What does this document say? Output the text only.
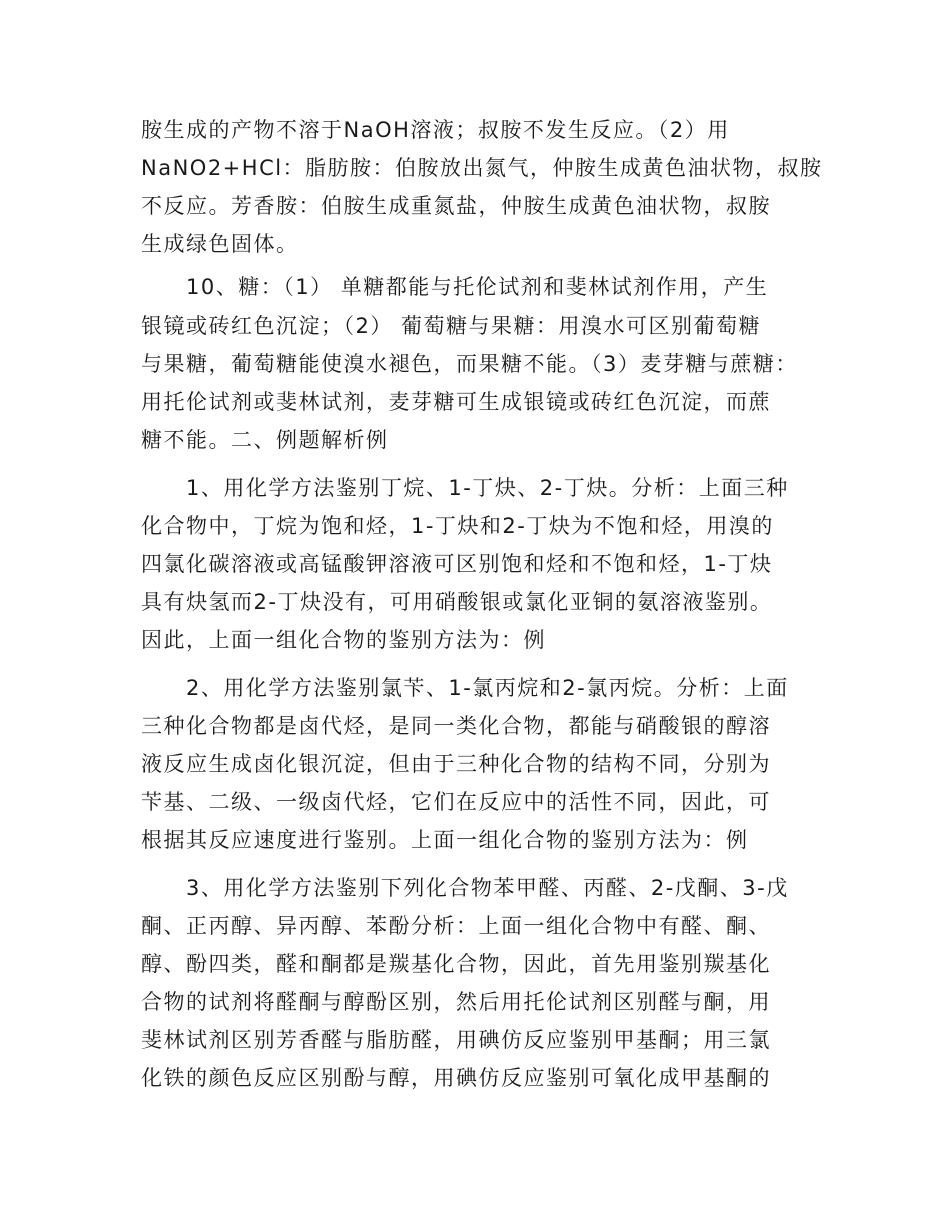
胺生成的产物不溶于NaOH溶液；叔胺不发生反应。（2）用
NaNO2+HCl：脂肪胺：伯胺放出氮气，仲胺生成黄色油状物，叔胺
不反应。芳香胺：伯胺生成重氮盐，仲胺生成黄色油状物，叔胺
生成绿色固体。
10、糖：（1） 单糖都能与托伦试剂和斐林试剂作用，产生
银镜或砖红色沉淀；（2） 葡萄糖与果糖：用溴水可区别葡萄糖
与果糖，葡萄糖能使溴水褪色，而果糖不能。（3）麦芽糖与蔗糖：
用托伦试剂或斐林试剂，麦芽糖可生成银镜或砖红色沉淀，而蔗
糖不能。二、例题解析例
1、用化学方法鉴别丁烷、1-丁炔、2-丁炔。分析：上面三种
化合物中，丁烷为饱和烃，1-丁炔和2-丁炔为不饱和烃，用溴的
四氯化碳溶液或高锰酸钾溶液可区别饱和烃和不饱和烃，1-丁炔
具有炔氢而2-丁炔没有，可用硝酸银或氯化亚铜的氨溶液鉴别。
因此，上面一组化合物的鉴别方法为：例
2、用化学方法鉴别氯苄、1-氯丙烷和2-氯丙烷。分析：上面
三种化合物都是卤代烃，是同一类化合物，都能与硝酸银的醇溶
液反应生成卤化银沉淀，但由于三种化合物的结构不同，分别为
苄基、二级、一级卤代烃，它们在反应中的活性不同，因此，可
根据其反应速度进行鉴别。上面一组化合物的鉴别方法为：例
3、用化学方法鉴别下列化合物苯甲醛、丙醛、2-戊酮、3-戊
酮、正丙醇、异丙醇、苯酚分析：上面一组化合物中有醛、酮、
醇、酚四类，醛和酮都是羰基化合物，因此，首先用鉴别羰基化
合物的试剂将醛酮与醇酚区别，然后用托伦试剂区别醛与酮，用
斐林试剂区别芳香醛与脂肪醛，用碘仿反应鉴别甲基酮；用三氯
化铁的颜色反应区别酚与醇，用碘仿反应鉴别可氧化成甲基酮的
